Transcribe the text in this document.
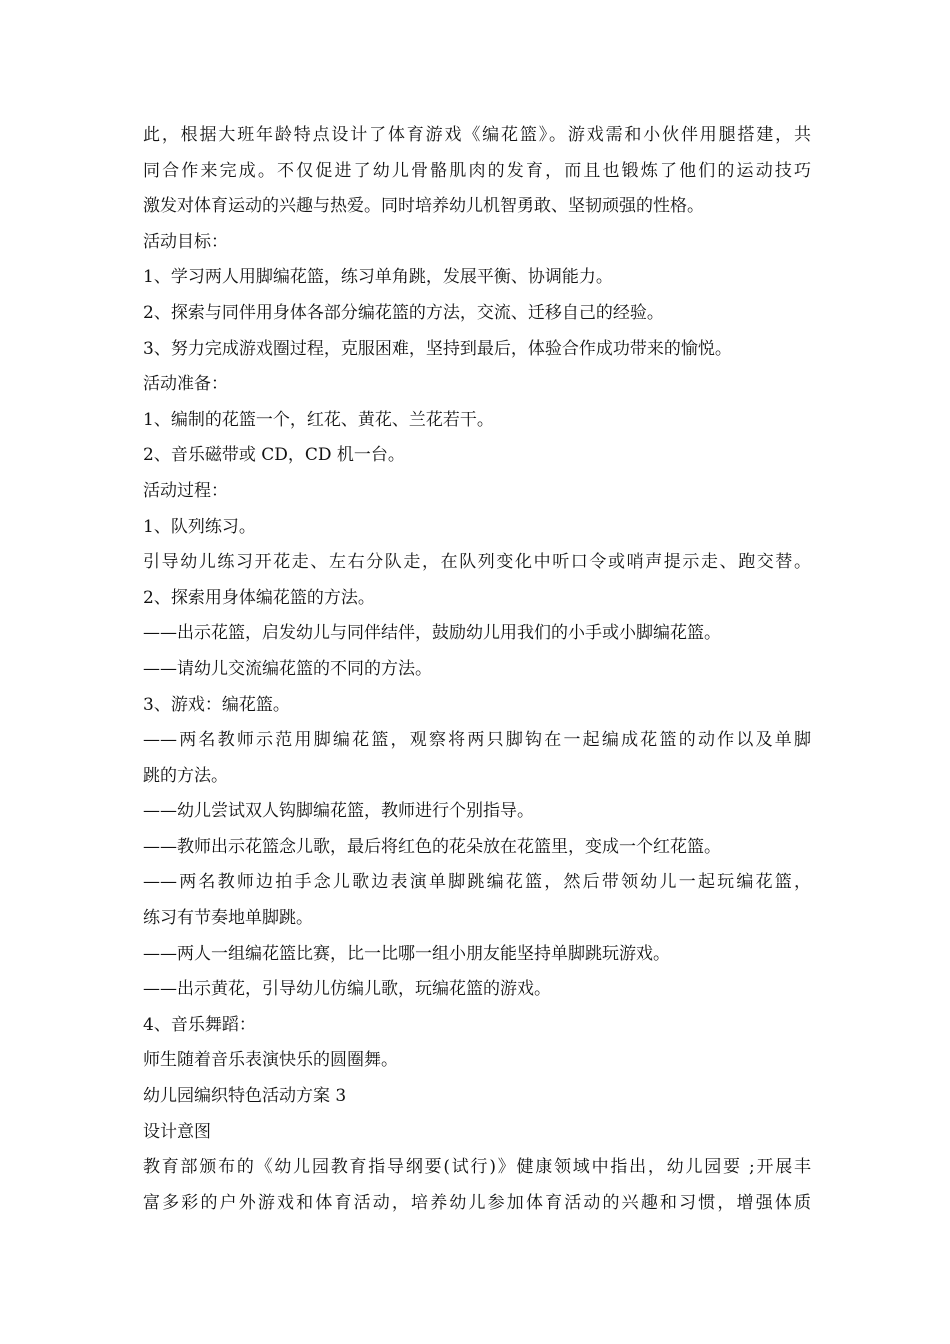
此，根据大班年龄特点设计了体育游戏《编花篮》。游戏需和小伙伴用腿搭建，共

同合作来完成。不仅促进了幼儿骨骼肌肉的发育，而且也锻炼了他们的运动技巧

激发对体育运动的兴趣与热爱。同时培养幼儿机智勇敢、坚韧顽强的性格。

活动目标：

1、学习两人用脚编花篮，练习单角跳，发展平衡、协调能力。

2、探索与同伴用身体各部分编花篮的方法，交流、迁移自己的经验。

3、努力完成游戏圈过程，克服困难，坚持到最后，体验合作成功带来的愉悦。

活动准备：

1、编制的花篮一个，红花、黄花、兰花若干。

2、音乐磁带或 CD，CD 机一台。

活动过程：

1、队列练习。

引导幼儿练习开花走、左右分队走，在队列变化中听口令或哨声提示走、跑交替。

2、探索用身体编花篮的方法。

——出示花篮，启发幼儿与同伴结伴，鼓励幼儿用我们的小手或小脚编花篮。

——请幼儿交流编花篮的不同的方法。

3、游戏：编花篮。

——两名教师示范用脚编花篮，观察将两只脚钩在一起编成花篮的动作以及单脚

跳的方法。

——幼儿尝试双人钩脚编花篮，教师进行个别指导。

——教师出示花篮念儿歌，最后将红色的花朵放在花篮里，变成一个红花篮。

——两名教师边拍手念儿歌边表演单脚跳编花篮，然后带领幼儿一起玩编花篮，

练习有节奏地单脚跳。

——两人一组编花篮比赛，比一比哪一组小朋友能坚持单脚跳玩游戏。

——出示黄花，引导幼儿仿编儿歌，玩编花篮的游戏。

4、音乐舞蹈：

师生随着音乐表演快乐的圆圈舞。

幼儿园编织特色活动方案 3

设计意图

教育部颁布的《幼儿园教育指导纲要(试行)》健康领域中指出，幼儿园要 ;开展丰

富多彩的户外游戏和体育活动，培养幼儿参加体育活动的兴趣和习惯，增强体质
